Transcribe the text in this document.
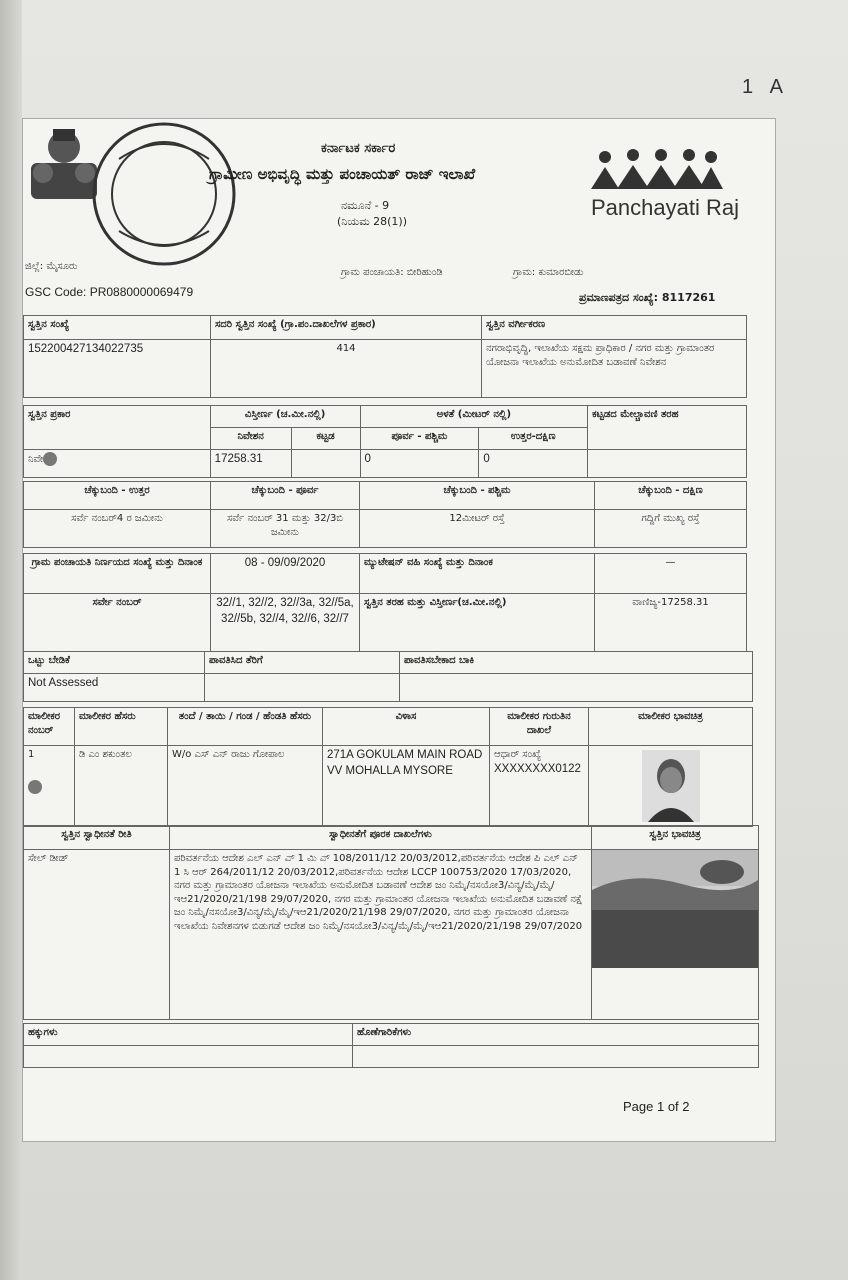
1 A
ಕರ್ನಾಟಕ ಸರ್ಕಾರ
ಗ್ರಾಮೀಣ ಅಭಿವೃದ್ಧಿ ಮತ್ತು ಪಂಚಾಯತ್ ರಾಜ್ ಇಲಾಖೆ
ನಮೂನೆ - 9
(ನಿಯಮ 28(1))
Panchayati Raj
ಜಿಲ್ಲೆ: ಮೈಸೂರು
ಗ್ರಾಮ ಪಂಚಾಯತಿ: ಬೀರಿಹುಂಡಿ	ಗ್ರಾಮ: ಕುಮಾರಬೀಡು
GSC Code: PR0880000069479	ಪ್ರಮಾಣಪತ್ರದ ಸಂಖ್ಯೆ: 8117261
ಸ್ವತ್ತಿನ ಸಂಖ್ಯೆ	ಸದರಿ ಸ್ವತ್ತಿನ ಸಂಖ್ಯೆ (ಗ್ರಾ.ಪಂ.ದಾಖಲೆಗಳ ಪ್ರಕಾರ)	ಸ್ವತ್ತಿನ ವರ್ಗೀಕರಣ
152200427134022735	414	ನಗರಾಭಿವೃದ್ಧಿ, ಇಲಾಖೆಯ ಸಕ್ಷಮ ಪ್ರಾಧಿಕಾರ / ನಗರ ಮತ್ತು ಗ್ರಾಮಾಂತರ ಯೋಜನಾ ಇಲಾಖೆಯ ಅನುಮೋದಿತ ಬಡಾವಣೆ ನಿವೇಶನ
ಸ್ವತ್ತಿನ ಪ್ರಕಾರ	ವಿಸ್ತೀರ್ಣ (ಚ.ಮೀ.ನಲ್ಲಿ)		ಅಳತೆ (ಮೀಟರ್ ನಲ್ಲಿ)		ಕಟ್ಟಡದ ಮೇಲ್ಚಾವಣಿ ತರಹ
	ನಿವೇಶನ	ಕಟ್ಟಡ	ಪೂರ್ವ - ಪಶ್ಚಿಮ	ಉತ್ತರ-ದಕ್ಷಿಣ	
ನಿವೇ	17258.31		0	0	
ಚೆಕ್ಕುಬಂದಿ - ಉತ್ತರ	ಚೆಕ್ಕುಬಂದಿ - ಪೂರ್ವ	ಚೆಕ್ಕುಬಂದಿ - ಪಶ್ಚಿಮ	ಚೆಕ್ಕುಬಂದಿ - ದಕ್ಷಿಣ
ಸರ್ವೆ ನಂಬರ್4 ರ ಜಮೀನು	ಸರ್ವೆ ನಂಬರ್ 31 ಮತ್ತು 32/3ಬಿ ಜಮೀನು	12ಮೀಟರ್ ರಸ್ತೆ	ಗದ್ದಿಗೆ ಮುಖ್ಯ ರಸ್ತೆ
ಗ್ರಾಮ ಪಂಚಾಯತಿ ನಿರ್ಣಯದ ಸಂಖ್ಯೆ ಮತ್ತು ದಿನಾಂಕ	08 - 09/09/2020	ಮ್ಯುಟೇಷನ್ ವಹಿ ಸಂಖ್ಯೆ ಮತ್ತು ದಿನಾಂಕ	—
ಸರ್ವೇ ನಂಬರ್	32//1, 32//2, 32//3a, 32//5a, 32//5b, 32//4, 32//6, 32//7	ಸ್ವತ್ತಿನ ತರಹ ಮತ್ತು ವಿಸ್ತೀರ್ಣ(ಚ.ಮೀ.ನಲ್ಲಿ)	ವಾಣಿಜ್ಯ-17258.31
ಒಟ್ಟು ಬೇಡಿಕೆ	ಪಾವತಿಸಿದ ತೆರಿಗೆ	ಪಾವತಿಸಬೇಕಾದ ಬಾಕಿ
Not Assessed		
ಮಾಲೀಕರ ನಂಬರ್	ಮಾಲೀಕರ ಹೆಸರು	ತಂದೆ / ತಾಯಿ / ಗಂಡ / ಹೆಂಡತಿ ಹೆಸರು	ವಿಳಾಸ	ಮಾಲೀಕರ ಗುರುತಿನ ದಾಖಲೆ	ಮಾಲೀಕರ ಭಾವಚಿತ್ರ

1	ಡಿ ಎಂ ಶಕುಂತಲ	W/o ಎಸ್ ಎನ್ ರಾಜು ಗೋಪಾಲ	271A GOKULAM MAIN ROAD VV MOHALLA MYSORE	ಆಧಾರ್ ಸಂಖ್ಯೆ
XXXXXXXX0122

ಸ್ವತ್ತಿನ ಸ್ವಾಧೀನತೆ ರೀತಿ	ಸ್ವಾಧೀನತೆಗೆ ಪೂರಕ ದಾಖಲೆಗಳು	ಸ್ವತ್ತಿನ ಭಾವಚಿತ್ರ
ಸೇಲ್ ಡೀಡ್	ಪರಿವರ್ತನೆಯ ಆದೇಶ ಎಲ್ ಎನ್ ಎ್ 1 ಮಿ ಎ್ 108/2011/12 20/03/2012,ಪರಿವರ್ತನೆಯ ಆದೇಶ ಪಿ ಎಲ್ ಎನ್ 1 ಸಿ ಆರ್ 264/2011/12 20/03/2012,ಪರಿವರ್ತನೆಯ ಆದೇಶ LCCP 100753/2020 17/03/2020, ನಗರ ಮತ್ತು ಗ್ರಾಮಾಂತರ ಯೋಜನಾ ಇಲಾಖೆಯ ಅನುಮೋದಿತ ಬಡಾವಣೆ ಆದೇಶ ಜಂ ನಿಮೈ/ನಸಯೋ3/ವಿನ್ಯ/ಮೈ/ಮೈ/ಇಆ21/2020/21/198 29/07/2020, ನಗರ ಮತ್ತು ಗ್ರಾಮಾಂತರ ಯೋಜನಾ ಇಲಾಖೆಯ ಅನುಮೋದಿತ ಬಡಾವಣೆ ನಕ್ಷೆ ಜಂ ನಿಮೈ/ನಸಯೋ3/ವಿನ್ಯ/ಮೈ/ಮೈ/ಇಆ21/2020/21/198 29/07/2020, ನಗರ ಮತ್ತು ಗ್ರಾಮಾಂತರ ಯೋಜನಾ ಇಲಾಖೆಯ ನಿವೇಶನಗಳ ಬಿಡುಗಡೆ ಆದೇಶ ಜಂ ನಿಮೈ/ನಸಯೋ3/ವಿನ್ಯ/ಮೈ/ಮೈ/ಇಆ21/2020/21/198 29/07/2020	
ಹಕ್ಕುಗಳು	ಹೊಣೆಗಾರಿಕೆಗಳು

Page 1 of 2
